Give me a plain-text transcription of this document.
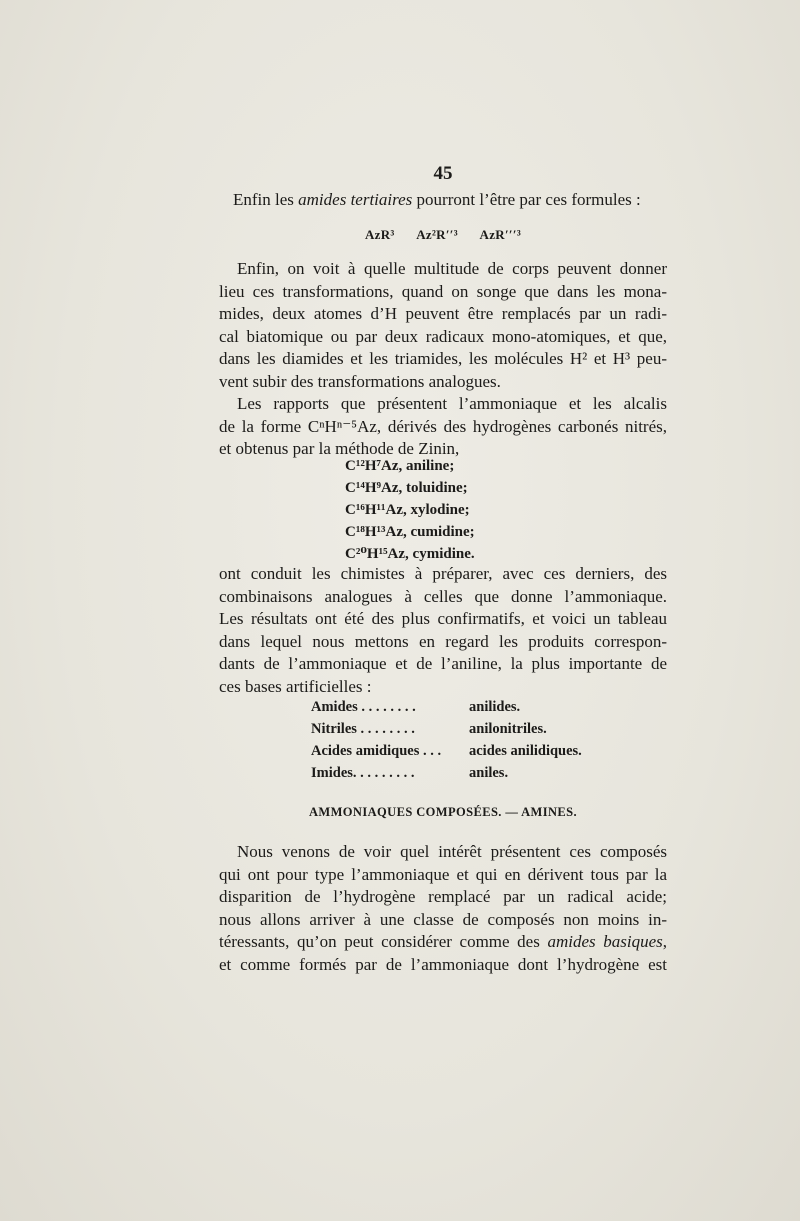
45
Enfin les amides tertiaires pourront l’être par ces formules :
AzR³ Az²R′′³ AzR′′′³
Enfin, on voit à quelle multitude de corps peuvent donner
lieu ces transformations, quand on songe que dans les mona-
mides, deux atomes d’H peuvent être remplacés par un radi-
cal biatomique ou par deux radicaux mono-atomiques, et que,
dans les diamides et les triamides, les molécules H² et H³ peu-
vent subir des transformations analogues.
Les rapports que présentent l’ammoniaque et les alcalis
de la forme CⁿHⁿ⁻⁵Az, dérivés des hydrogènes carbonés nitrés,
et obtenus par la méthode de Zinin,
C¹²H⁷Az, aniline;
C¹⁴H⁹Az, toluidine;
C¹⁶H¹¹Az, xylodine;
C¹⁸H¹³Az, cumidine;
C²⁰H¹⁵Az, cymidine.
ont conduit les chimistes à préparer, avec ces derniers, des
combinaisons analogues à celles que donne l’ammoniaque.
Les résultats ont été des plus confirmatifs, et voici un tableau
dans lequel nous mettons en regard les produits correspon-
dants de l’ammoniaque et de l’aniline, la plus importante de
ces bases artificielles :
Amides . . . . . . . .	anilides.
Nitriles . . . . . . . .	anilonitriles.
Acides amidiques . . .	acides anilidiques.
Imides. . . . . . . . .	aniles.
AMMONIAQUES COMPOSÉES. — AMINES.
Nous venons de voir quel intérêt présentent ces composés
qui ont pour type l’ammoniaque et qui en dérivent tous par la
disparition de l’hydrogène remplacé par un radical acide;
nous allons arriver à une classe de composés non moins in-
téressants, qu’on peut considérer comme des amides basiques,
et comme formés par de l’ammoniaque dont l’hydrogène est
